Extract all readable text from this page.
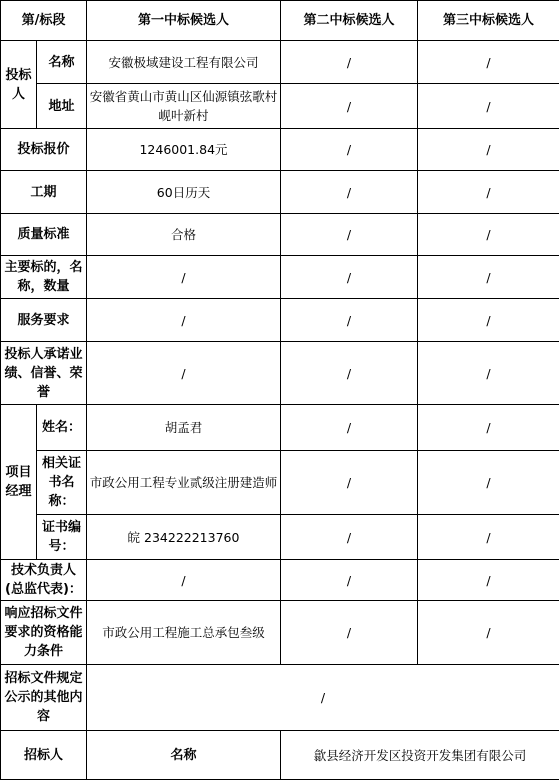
第/标段		第一中标候选人	第二中标候选人	第三中标候选人
投标人	名称	安徽极域建设工程有限公司	/	/
	地址	安徽省黄山市黄山区仙源镇弦歌村岘叶新村	/	/
投标报价		1246001.84元	/	/
工期		60日历天	/	/
质量标准		合格	/	/
主要标的，名称，数量		/	/	/
服务要求		/	/	/
投标人承诺业绩、信誉、荣誉		/	/	/
项目经理	姓名：	胡孟君	/	/
	相关证书名称：	市政公用工程专业贰级注册建造师	/	/
	证书编号：	皖 234222213760	/	/
技术负责人(总监代表)：		/	/	/
响应招标文件要求的资格能力条件		市政公用工程施工总承包叁级	/	/
招标文件规定公示的其他内容		/		
招标人		名称	歙县经济开发区投资开发集团有限公司	
